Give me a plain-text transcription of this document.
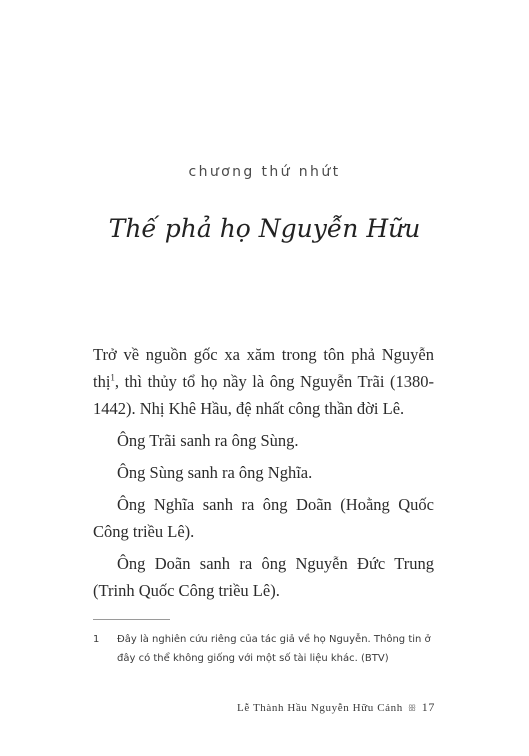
chương thứ nhứt
Thế phả họ Nguyễn Hữu

Trở về nguồn gốc xa xăm trong tôn phả Nguyễn thị$^1$, thì thủy tổ họ nầy là ông Nguyễn Trãi (1380-1442). Nhị Khê Hầu, đệ nhất công thần đời Lê.

Ông Trãi sanh ra ông Sùng.

Ông Sùng sanh ra ông Nghĩa.

Ông Nghĩa sanh ra ông Doãn (Hoằng Quốc Công triều Lê).

Ông Doãn sanh ra ông Nguyễn Đức Trung (Trinh Quốc Công triều Lê).

1	Đây là nghiên cứu riêng của tác giả về họ Nguyễn. Thông tin ở đây có thể không giống với một số tài liệu khác. (BTV)
Lễ Thành Hầu Nguyễn Hữu Cảnh ꕥ 17
